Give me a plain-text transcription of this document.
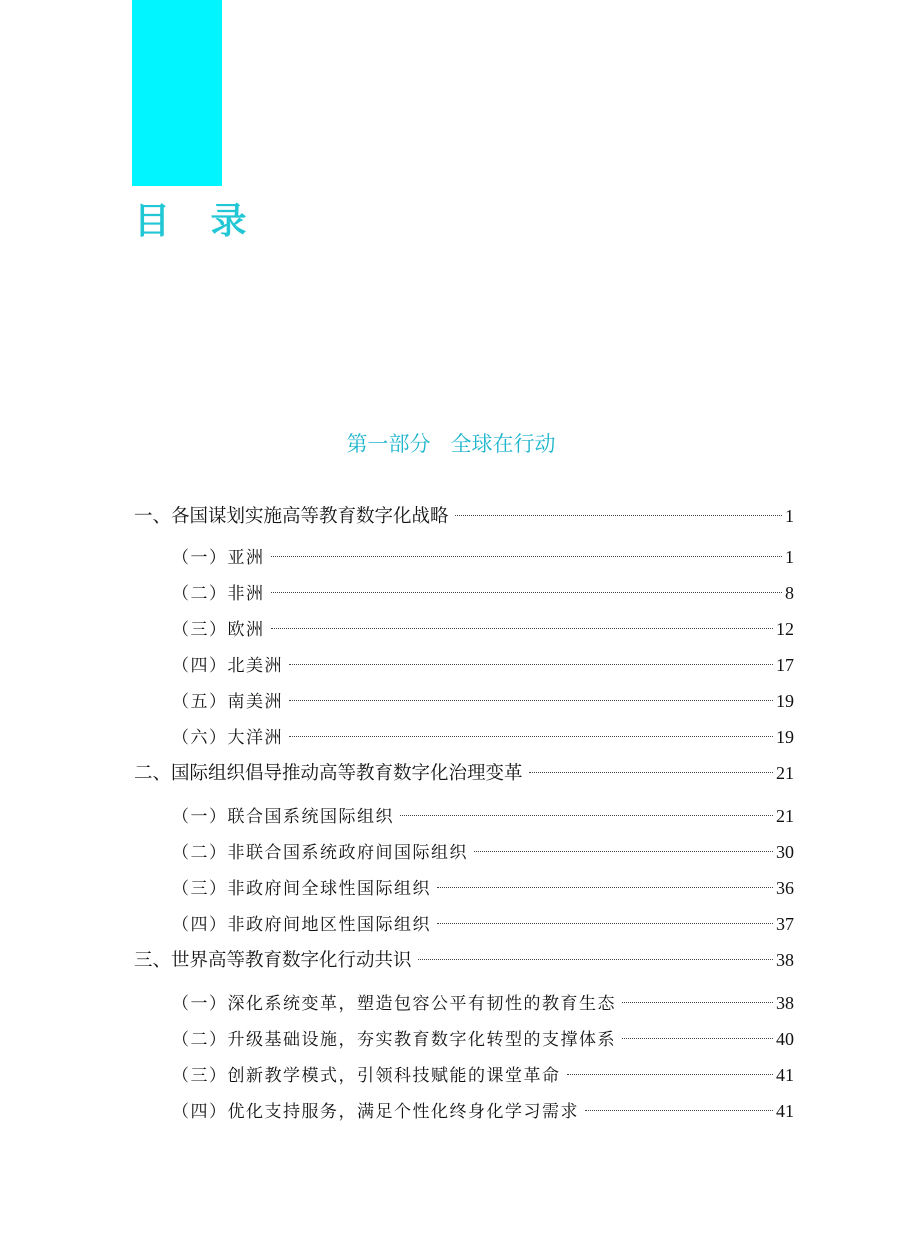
目 录
第一部分   全球在行动
一、各国谋划实施高等教育数字化战略	1
（一）亚洲	1
（二）非洲	8
（三）欧洲	12
（四）北美洲	17
（五）南美洲	19
（六）大洋洲	19
二、国际组织倡导推动高等教育数字化治理变革	21
（一）联合国系统国际组织	21
（二）非联合国系统政府间国际组织	30
（三）非政府间全球性国际组织	36
（四）非政府间地区性国际组织	37
三、世界高等教育数字化行动共识	38
（一）深化系统变革，塑造包容公平有韧性的教育生态	38
（二）升级基础设施，夯实教育数字化转型的支撑体系	40
（三）创新教学模式，引领科技赋能的课堂革命	41
（四）优化支持服务，满足个性化终身化学习需求	41
